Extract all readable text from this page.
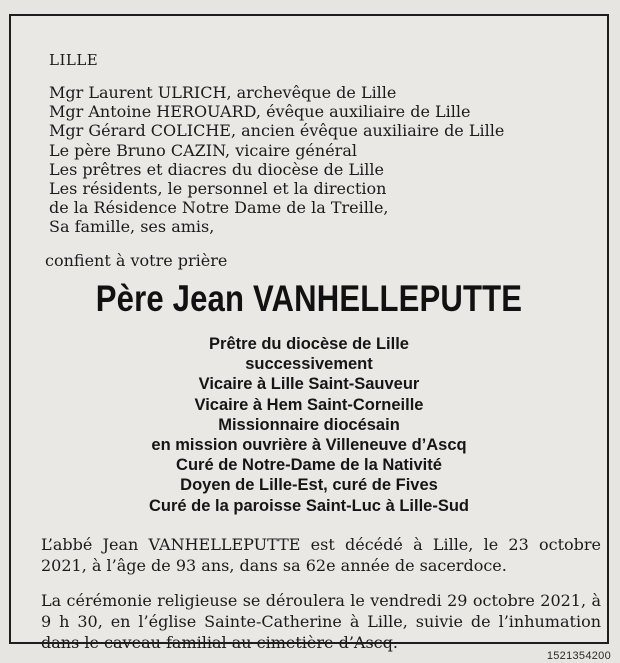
LILLE
Mgr Laurent ULRICH, archevêque de Lille
Mgr Antoine HEROUARD, évêque auxiliaire de Lille
Mgr Gérard COLICHE, ancien évêque auxiliaire de Lille
Le père Bruno CAZIN, vicaire général
Les prêtres et diacres du diocèse de Lille
Les résidents, le personnel et la direction
de la Résidence Notre Dame de la Treille,
Sa famille, ses amis,
confient à votre prière
Père Jean VANHELLEPUTTE
Prêtre du diocèse de Lille
successivement
Vicaire à Lille Saint-Sauveur
Vicaire à Hem Saint-Corneille
Missionnaire diocésain
en mission ouvrière à Villeneuve d’Ascq
Curé de Notre-Dame de la Nativité
Doyen de Lille-Est, curé de Fives
Curé de la paroisse Saint-Luc à Lille-Sud
L’abbé Jean VANHELLEPUTTE est décédé à Lille, le 23 octobre 2021, à l’âge de 93 ans, dans sa 62e année de sacerdoce.
La cérémonie religieuse se déroulera le vendredi 29 octobre 2021, à 9 h 30, en l’église Sainte-Catherine à Lille, suivie de l’inhumation dans le caveau familial au cimetière d’Ascq.
1521354200
